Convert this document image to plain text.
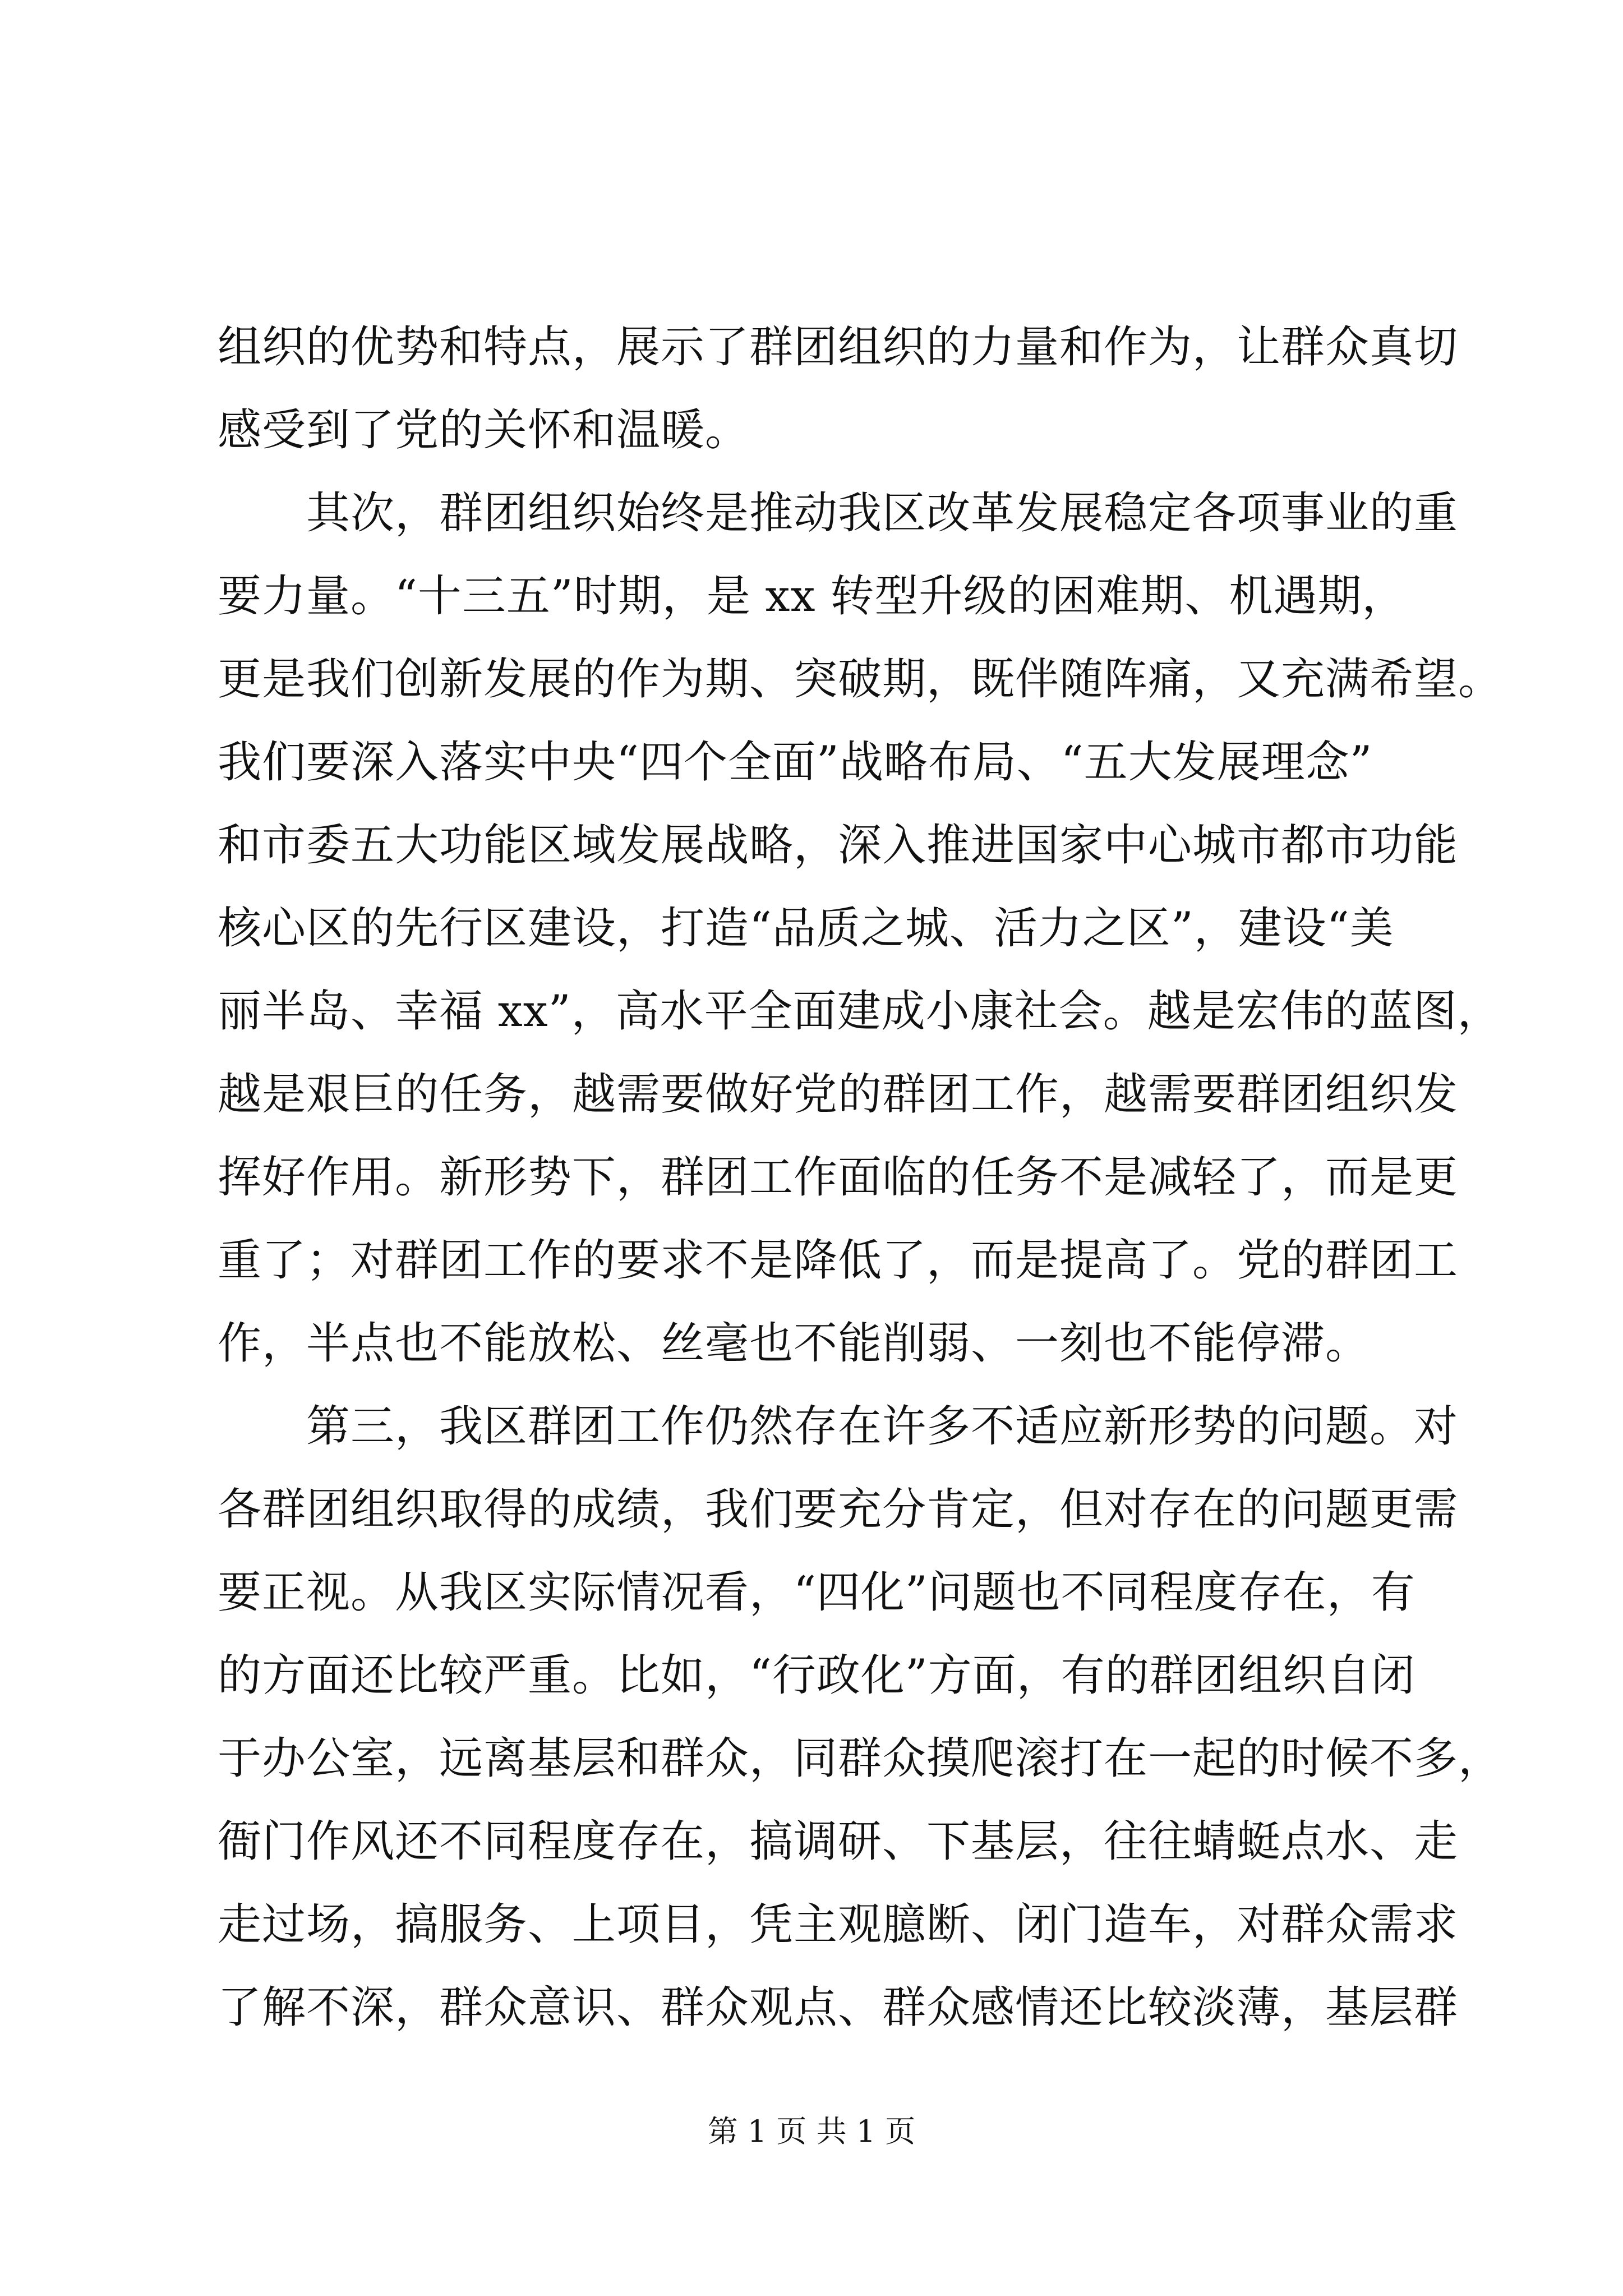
组织的优势和特点，展示了群团组织的力量和作为，让群众真切
感受到了党的关怀和温暖。
　　其次，群团组织始终是推动我区改革发展稳定各项事业的重
要力量。“十三五”时期，是 xx 转型升级的困难期、机遇期，
更是我们创新发展的作为期、突破期，既伴随阵痛，又充满希望。
我们要深入落实中央“四个全面”战略布局、“五大发展理念”
和市委五大功能区域发展战略，深入推进国家中心城市都市功能
核心区的先行区建设，打造“品质之城、活力之区”，建设“美
丽半岛、幸福 xx”，高水平全面建成小康社会。越是宏伟的蓝图，
越是艰巨的任务，越需要做好党的群团工作，越需要群团组织发
挥好作用。新形势下，群团工作面临的任务不是减轻了，而是更
重了；对群团工作的要求不是降低了，而是提高了。党的群团工
作，半点也不能放松、丝毫也不能削弱、一刻也不能停滞。
　　第三，我区群团工作仍然存在许多不适应新形势的问题。对
各群团组织取得的成绩，我们要充分肯定，但对存在的问题更需
要正视。从我区实际情况看，“四化”问题也不同程度存在，有
的方面还比较严重。比如，“行政化”方面，有的群团组织自闭
于办公室，远离基层和群众，同群众摸爬滚打在一起的时候不多，
衙门作风还不同程度存在，搞调研、下基层，往往蜻蜓点水、走
走过场，搞服务、上项目，凭主观臆断、闭门造车，对群众需求
了解不深，群众意识、群众观点、群众感情还比较淡薄，基层群
第 1 页 共 1 页
